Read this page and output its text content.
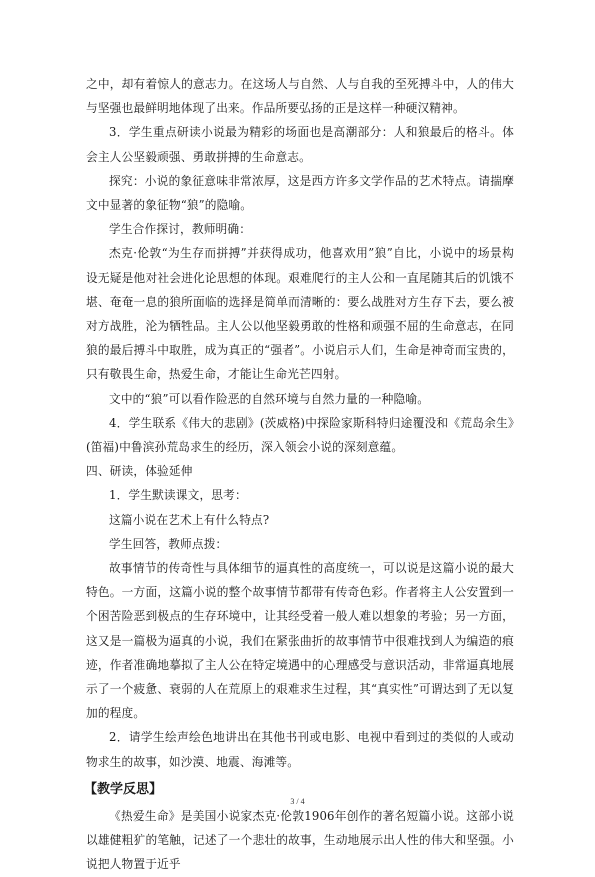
之中，却有着惊人的意志力。在这场人与自然、人与自我的至死搏斗中，人的伟大与坚强也最鲜明地体现了出来。作品所要弘扬的正是这样一种硬汉精神。

3．学生重点研读小说最为精彩的场面也是高潮部分：人和狼最后的格斗。体会主人公坚毅顽强、勇敢拼搏的生命意志。

探究：小说的象征意味非常浓厚，这是西方许多文学作品的艺术特点。请揣摩文中显著的象征物“狼”的隐喻。

学生合作探讨，教师明确：

杰克·伦敦“为生存而拼搏”并获得成功，他喜欢用”狼”自比，小说中的场景构设无疑是他对社会进化论思想的体现。艰难爬行的主人公和一直尾随其后的饥饿不堪、奄奄一息的狼所面临的选择是简单而清晰的：要么战胜对方生存下去，要么被对方战胜，沦为牺牲品。主人公以他坚毅勇敢的性格和顽强不屈的生命意志，在同狼的最后搏斗中取胜，成为真正的“强者”。小说启示人们，生命是神奇而宝贵的，只有敬畏生命，热爱生命，才能让生命光芒四射。

文中的“狼”可以看作险恶的自然环境与自然力量的一种隐喻。

4．学生联系《伟大的悲剧》(茨威格)中探险家斯科特归途覆没和《荒岛余生》(笛福)中鲁滨孙荒岛求生的经历，深入领会小说的深刻意蕴。

四、研读，体验延伸

1．学生默读课文，思考：

这篇小说在艺术上有什么特点?

学生回答，教师点拨：

故事情节的传奇性与具体细节的逼真性的高度统一，可以说是这篇小说的最大特色。一方面，这篇小说的整个故事情节都带有传奇色彩。作者将主人公安置到一个困苦险恶到极点的生存环境中，让其经受着一般人难以想象的考验；另一方面，这又是一篇极为逼真的小说，我们在紧张曲折的故事情节中很难找到人为编造的痕迹，作者准确地摹拟了主人公在特定境遇中的心理感受与意识活动，非常逼真地展示了一个疲惫、衰弱的人在荒原上的艰难求生过程，其“真实性”可谓达到了无以复加的程度。

2．请学生绘声绘色地讲出在其他书刊或电影、电视中看到过的类似的人或动物求生的故事，如沙漠、地震、海滩等。

【教学反思】

《热爱生命》是美国小说家杰克·伦敦1906年创作的著名短篇小说。这部小说以雄健粗犷的笔触，记述了一个悲壮的故事，生动地展示出人性的伟大和坚强。小说把人物置于近乎

3 / 4
